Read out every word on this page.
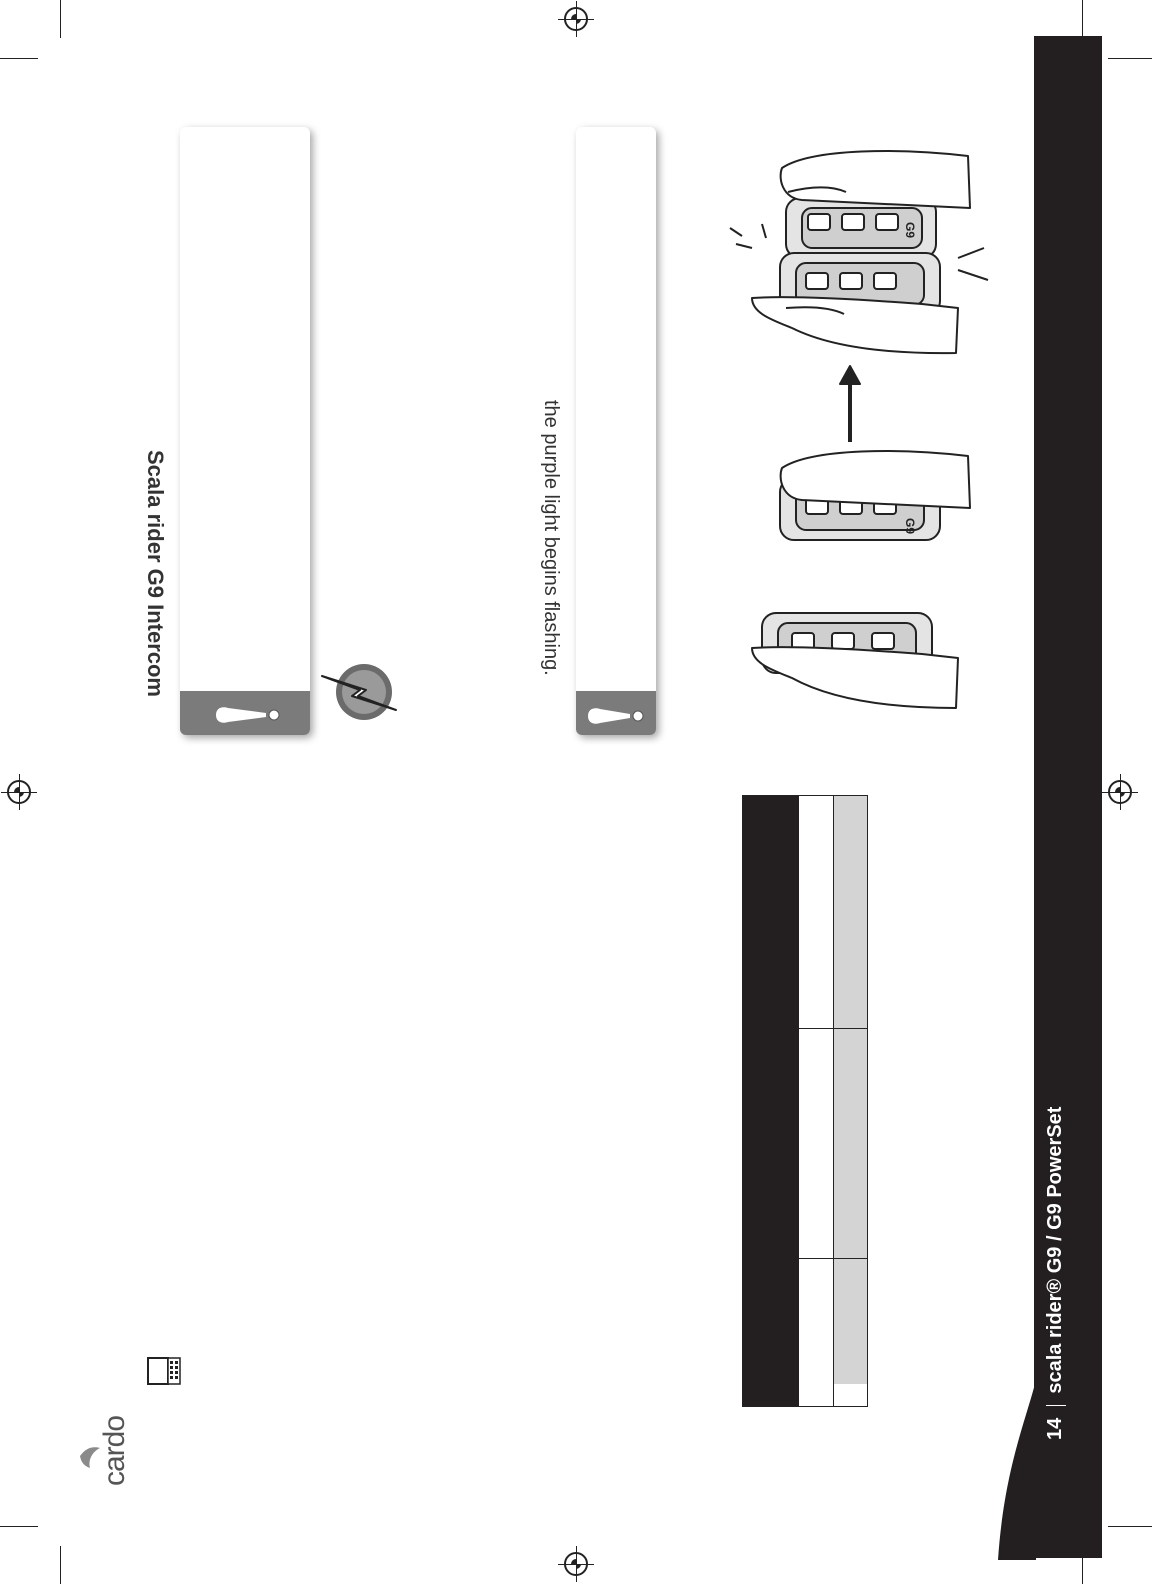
cardo
Scala rider G9 Intercom	the purple light begins flashing.
G9
G9
14  scala rider® G9 / G9 PowerSet
